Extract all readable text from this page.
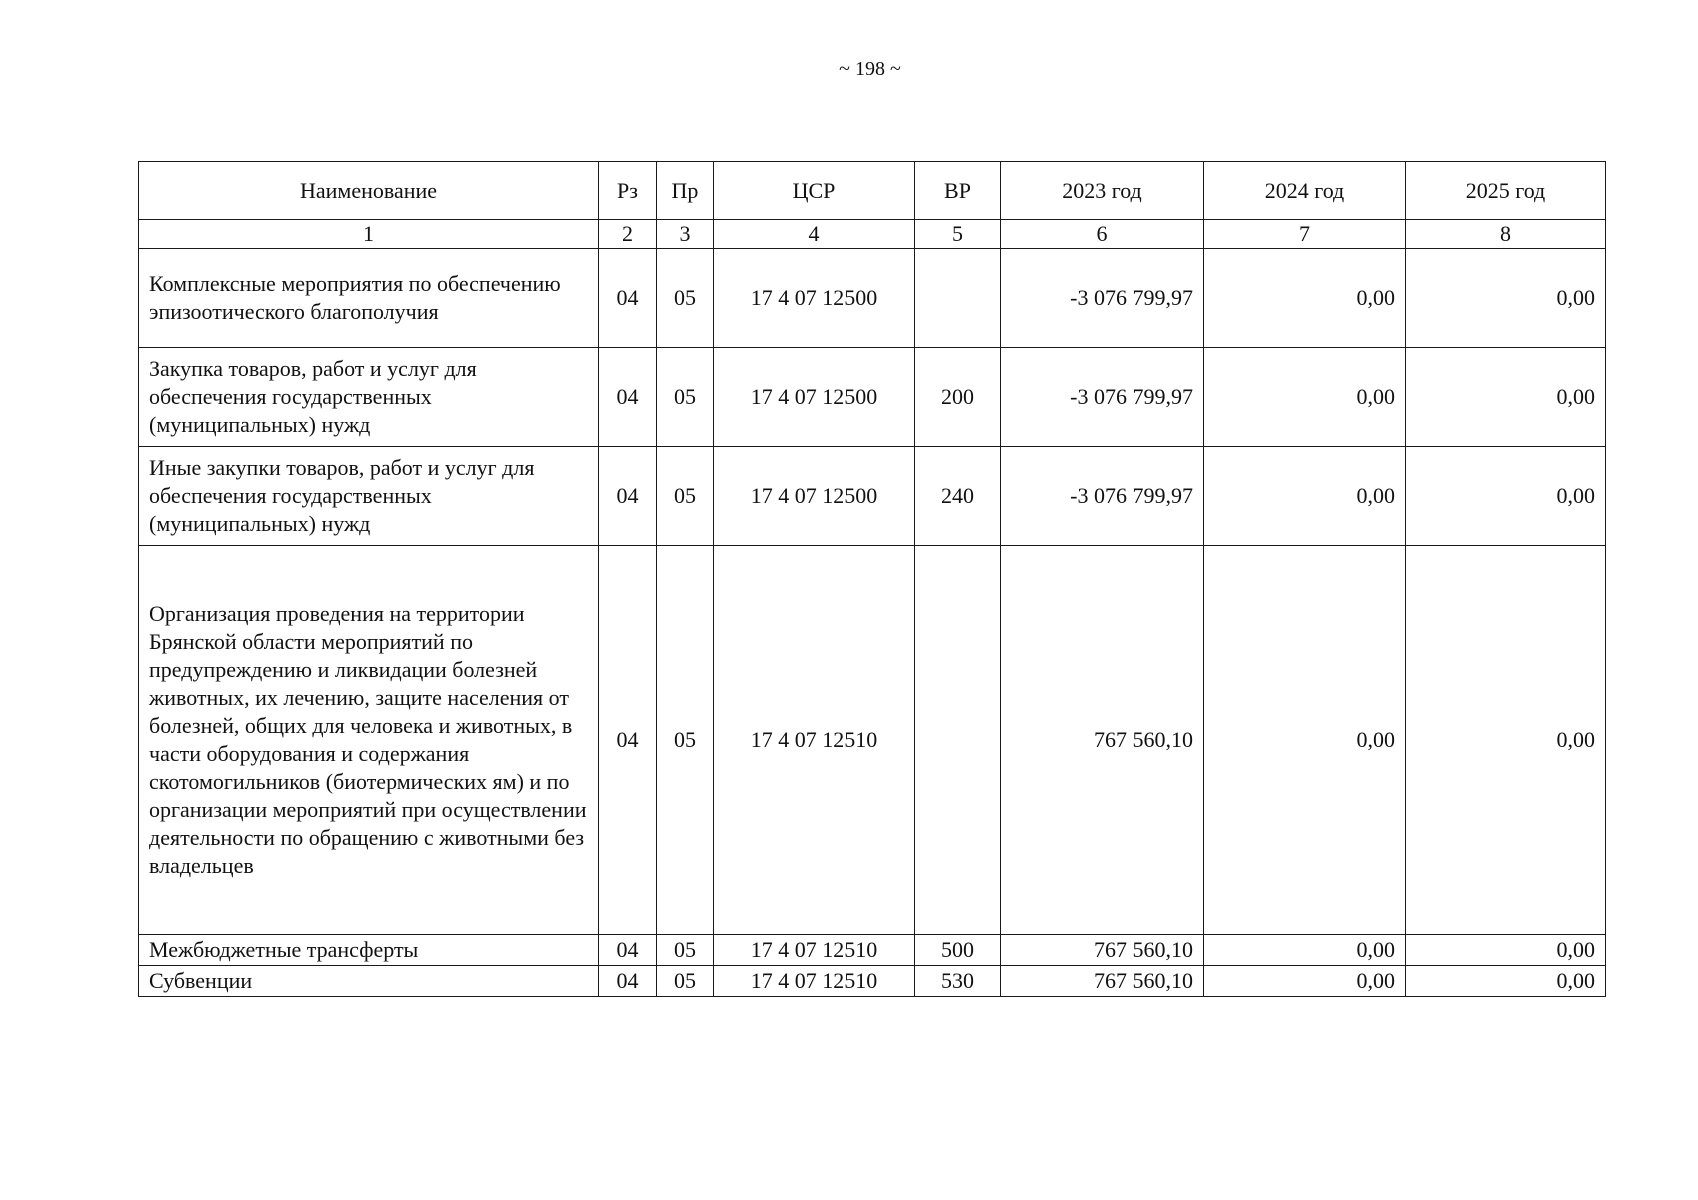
~ 198 ~
Наименование	Рз	Пр	ЦСР	ВР	2023 год	2024 год	2025 год
1	2	3	4	5	6	7	8
Комплексные мероприятия по обеспечению эпизоотического благополучия	04	05	17 4 07 12500		-3 076 799,97	0,00	0,00
Закупка товаров, работ и услуг для обеспечения государственных (муниципальных) нужд	04	05	17 4 07 12500	200	-3 076 799,97	0,00	0,00
Иные закупки товаров, работ и услуг для обеспечения государственных (муниципальных) нужд	04	05	17 4 07 12500	240	-3 076 799,97	0,00	0,00
Организация проведения на территории Брянской области мероприятий по предупреждению и ликвидации болезней животных, их лечению, защите населения от болезней, общих для человека и животных, в части оборудования и содержания скотомогильников (биотермических ям) и по организации мероприятий при осуществлении деятельности по обращению с животными без владельцев	04	05	17 4 07 12510		767 560,10	0,00	0,00
Межбюджетные трансферты	04	05	17 4 07 12510	500	767 560,10	0,00	0,00
Субвенции	04	05	17 4 07 12510	530	767 560,10	0,00	0,00
